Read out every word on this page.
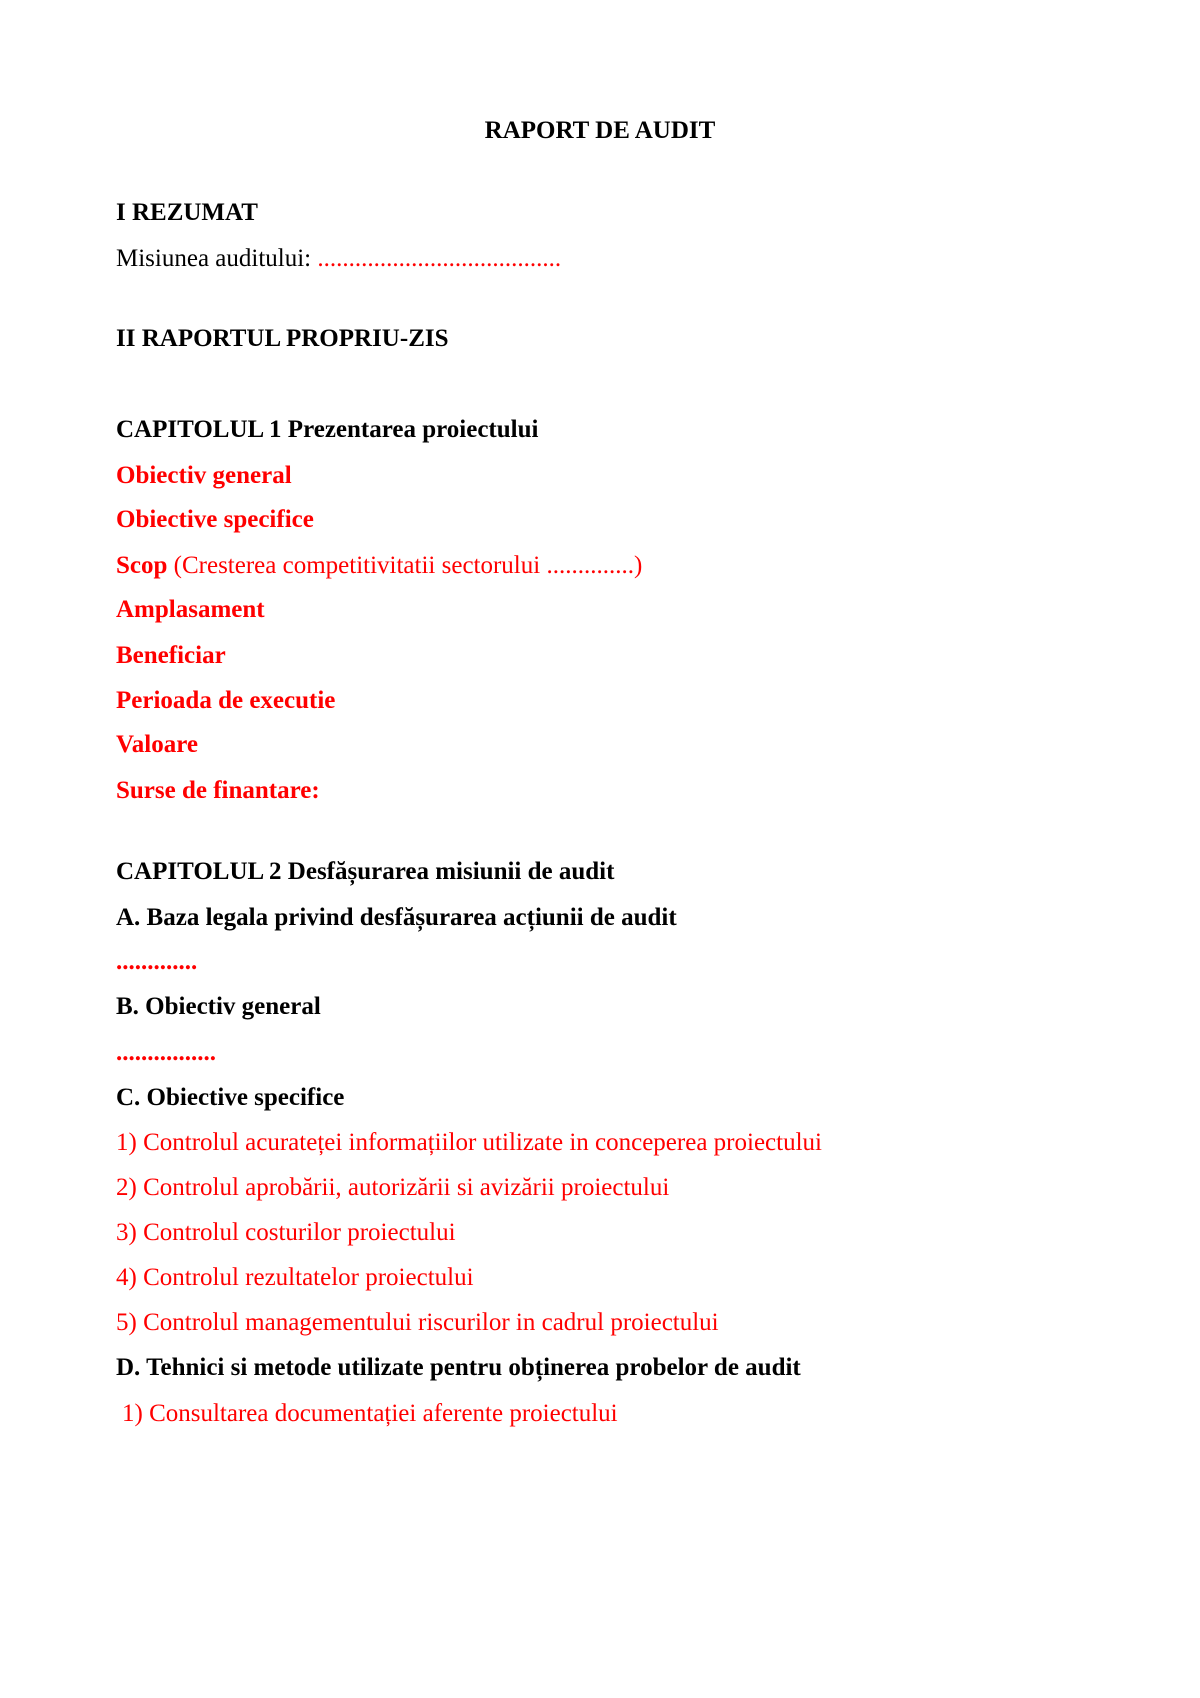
RAPORT DE AUDIT
I REZUMAT
Misiunea auditului: .......................................
II RAPORTUL PROPRIU-ZIS
CAPITOLUL 1 Prezentarea proiectului
Obiectiv general
Obiective specifice
Scop (Cresterea competitivitatii sectorului ..............)
Amplasament
Beneficiar
Perioada de executie
Valoare
Surse de finantare:
CAPITOLUL 2 Desfășurarea misiunii de audit
A. Baza legala privind desfășurarea acțiunii de audit
.............
B. Obiectiv general
................
C. Obiective specifice
1) Controlul acurateței informațiilor utilizate in conceperea proiectului
2) Controlul aprobării, autorizării si avizării proiectului
3) Controlul costurilor proiectului
4) Controlul rezultatelor proiectului
5) Controlul managementului riscurilor in cadrul proiectului
D. Tehnici si metode utilizate pentru obținerea probelor de audit
1) Consultarea documentației aferente proiectului
